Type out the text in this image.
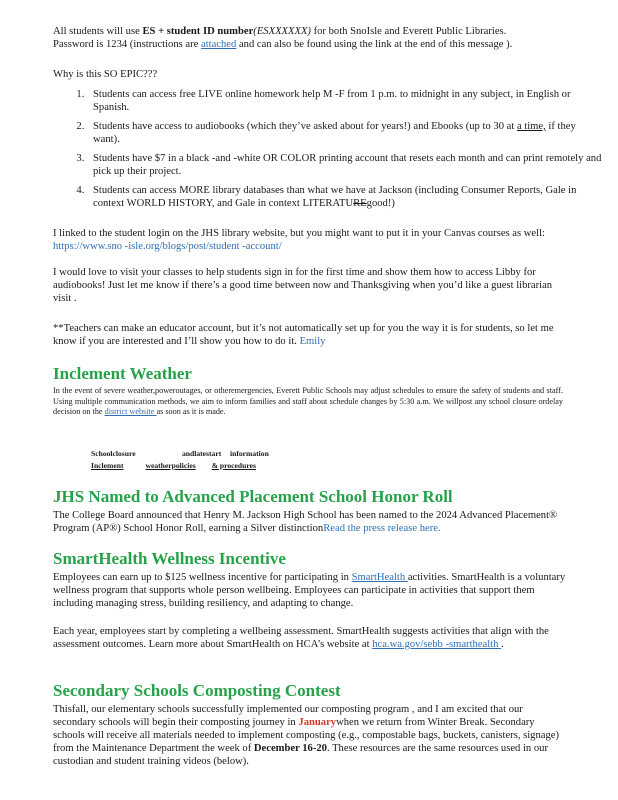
All students will use ES + student ID number(ESXXXXXX) for both SnoIsle and Everett Public Libraries.
Password is 1234 (instructions are attached and can also be found using the link at the end of this message ).

Why is this SO EPIC???

1. Students can access free LIVE online homework help M -F from 1 p.m. to midnight in any subject, in English or Spanish.
2. Students have access to audiobooks (which they’ve asked about for years!) and Ebooks (up to 30 at a time, if they want).
3. Students have $7 in a black -and -white OR COLOR printing account that resets each month and can print remotely and pick up their project.
4. Students can access MORE library databases than what we have at Jackson (including Consumer Reports, Gale in context WORLD HISTORY, and Gale in context LITERATUREgood!)

I linked to the student login on the JHS library website, but you might want to put it in your Canvas courses as well: https://www.sno -isle.org/blogs/post/student -account/

I would love to visit your classes to help students sign in for the first time and show them how to access Libby for audiobooks! Just let me know if there’s a good time between now and Thanksgiving when you’d like a guest librarian visit .

**Teachers can make an educator account, but it’s not automatically set up for you the way it is for students, so let me know if you are interested and I’ll show you how to do it. Emily

Inclement Weather

In the event of severe weather,poweroutages, or otheremergencies, Everett Public Schools may adjust schedules to ensure the safety of students and staff. Using multiple communication methods, we aim to inform families and staff about schedule changes by 5:30 a.m. We willpost any school closure ordelay decision on the district website as soon as it is made.

Schoolclosure	andlatestart information
Inclement	weatherpolicies & procedures
JHS Named to Advanced Placement School Honor Roll

The College Board announced that Henry M. Jackson High School has been named to the 2024 Advanced Placement® Program (AP®) School Honor Roll, earning a Silver distinctionRead the press release here.

SmartHealth Wellness Incentive

Employees can earn up to $125 wellness incentive for participating in SmartHealth activities. SmartHealth is a voluntary wellness program that supports whole person wellbeing. Employees can participate in activities that support them including managing stress, building resiliency, and adapting to change.

Each year, employees start by completing a wellbeing assessment. SmartHealth suggests activities that align with the assessment outcomes. Learn more about SmartHealth on HCA’s website at hca.wa.gov/sebb -smarthealth .

Secondary Schools Composting Contest

Thisfall, our elementary schools successfully implemented our composting program , and I am excited that our secondary schools will begin their composting journey in Januarywhen we return from Winter Break. Secondary schools will receive all materials needed to implement composting (e.g., compostable bags, buckets, canisters, signage) from the Maintenance Department the week of December 16-20. These resources are the same resources used in our custodian and student training videos (below).
